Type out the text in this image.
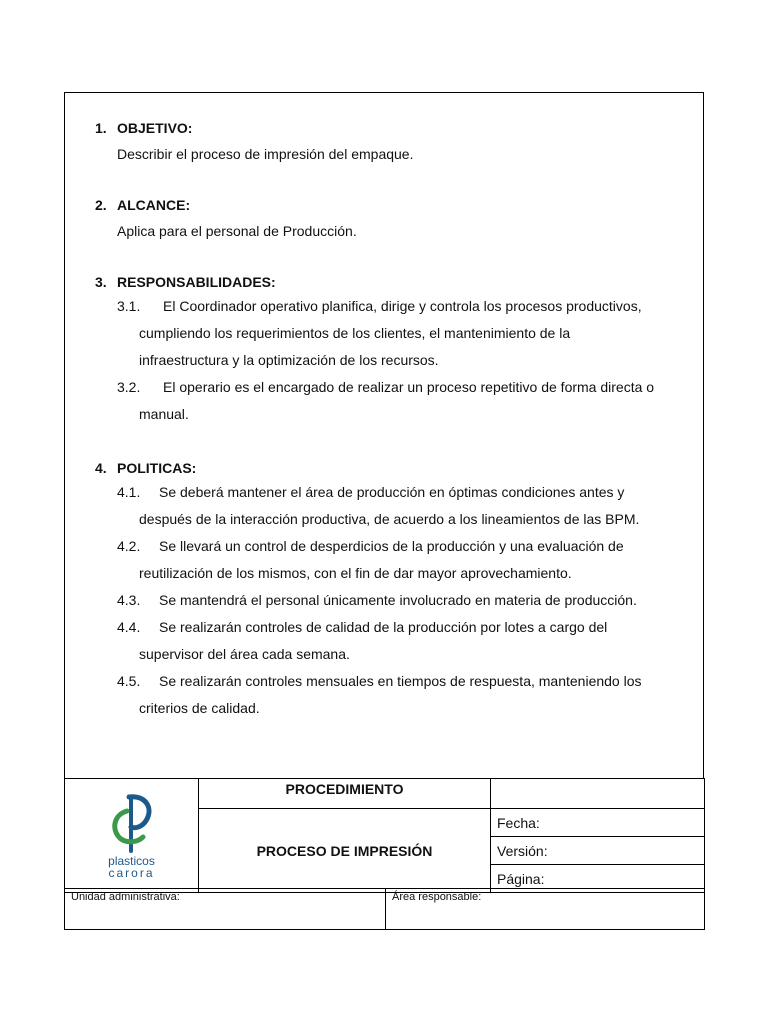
1. OBJETIVO:
Describir el proceso de impresión del empaque.
2. ALCANCE:
Aplica para el personal de Producción.
3. RESPONSABILIDADES:
3.1. El Coordinador operativo planifica, dirige y controla los procesos productivos,
cumpliendo los requerimientos de los clientes, el mantenimiento de la
infraestructura y la optimización de los recursos.
3.2. El operario es el encargado de realizar un proceso repetitivo de forma directa o
manual.
4. POLITICAS:
4.1. Se deberá mantener el área de producción en óptimas condiciones antes y
después de la interacción productiva, de acuerdo a los lineamientos de las BPM.
4.2. Se llevará un control de desperdicios de la producción y una evaluación de
reutilización de los mismos, con el fin de dar mayor aprovechamiento.
4.3. Se mantendrá el personal únicamente involucrado en materia de producción.
4.4. Se realizarán controles de calidad de la producción por lotes a cargo del
supervisor del área cada semana.
4.5. Se realizarán controles mensuales en tiempos de respuesta, manteniendo los
criterios de calidad.
plasticos
carora	PROCEDIMIENTO	
	PROCESO DE IMPRESIÓN	Fecha:
		Versión:
		Página:
Unidad administrativa:	Área responsable:
